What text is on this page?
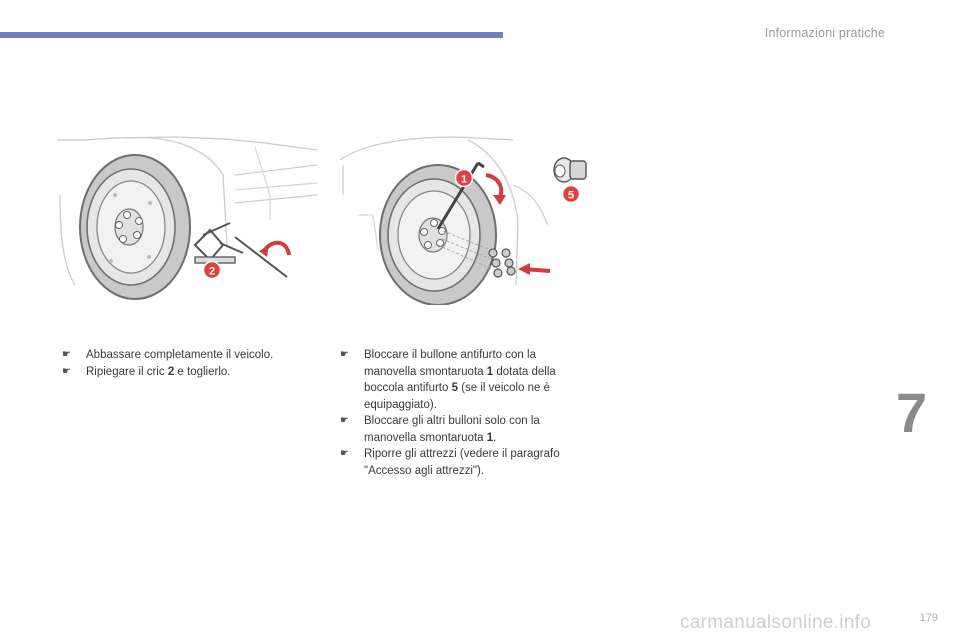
Informazioni pratiche
2
1
5

☛ Abbassare completamente il veicolo.

☛ Ripiegare il cric 2 e toglierlo.

☛ Bloccare il bullone antifurto con la manovella smontaruota 1 dotata della boccola antifurto 5 (se il veicolo ne è equipaggiato).

☛ Bloccare gli altri bulloni solo con la manovella smontaruota 1.

☛ Riporre gli attrezzi (vedere il paragrafo "Accesso agli attrezzi").

7
carmanualsonline.info	179
